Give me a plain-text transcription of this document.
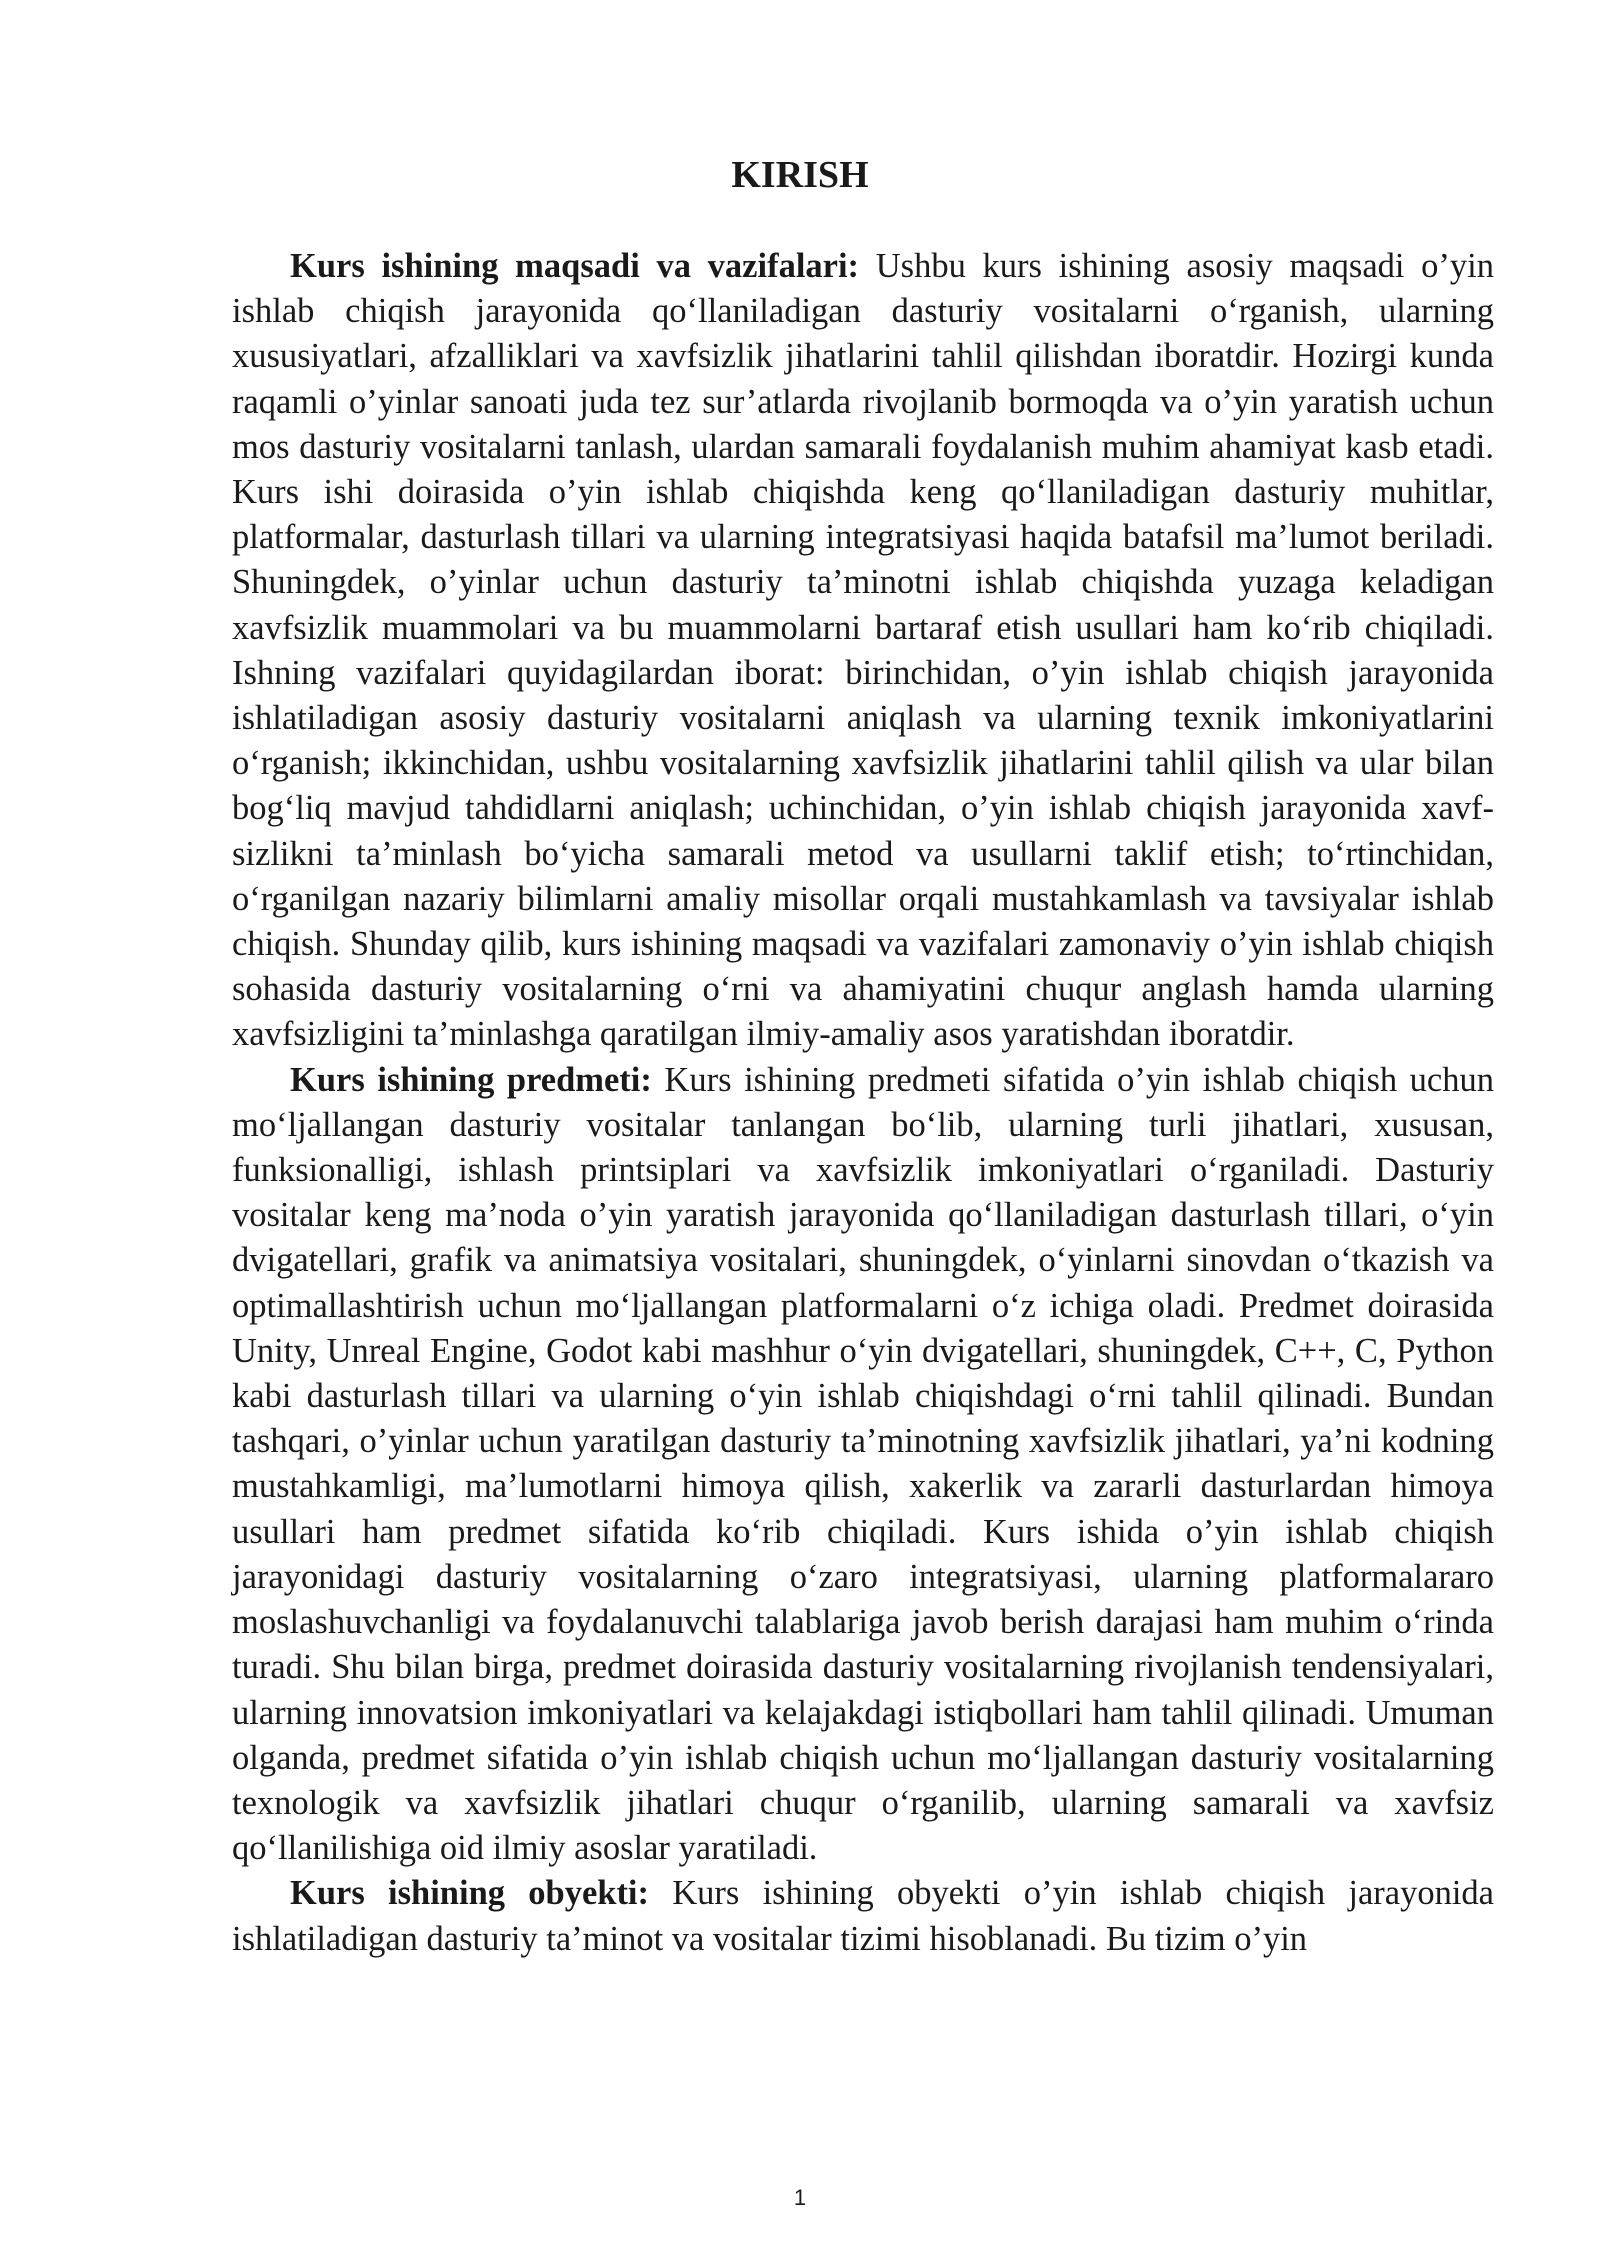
KIRISH

Kurs ishining maqsadi va vazifalari: Ushbu kurs ishining asosiy maqsadi o’yin ishlab chiqish jarayonida qo‘llaniladigan dasturiy vositalarni o‘rganish, ularning xususiyatlari, afzalliklari va xavfsizlik jihatlarini tahlil qilishdan iboratdir. Hozirgi kunda raqamli o’yinlar sanoati juda tez sur’atlarda rivojlanib bormoqda va o’yin yaratish uchun mos dasturiy vositalarni tanlash, ulardan samarali foydalanish muhim ahamiyat kasb etadi. Kurs ishi doirasida o’yin ishlab chiqishda keng qo‘llaniladigan dasturiy muhitlar, platformalar, dasturlash tillari va ularning integratsiyasi haqida batafsil ma’lumot beriladi. Shuningdek, o’yinlar uchun dasturiy ta’minotni ishlab chiqishda yuzaga keladigan xavfsizlik muammolari va bu muammolarni bartaraf etish usullari ham ko‘rib chiqiladi. Ishning vazifalari quyidagilardan iborat: birinchidan, o’yin ishlab chiqish jarayonida ishlatiladigan asosiy dasturiy vositalarni aniqlash va ularning texnik imkoniyatlarini o‘rganish; ikkinchidan, ushbu vositalarning xavfsizlik jihatlarini tahlil qilish va ular bilan bog‘liq mavjud tahdidlarni aniqlash; uchinchidan, o’yin ishlab chiqish jarayonida xavfsizlikni ta’minlash bo‘yicha samarali metod va usullarni taklif etish; to‘rtinchidan, o‘rganilgan nazariy bilimlarni amaliy misollar orqali mustahkamlash va tavsiyalar ishlab chiqish. Shunday qilib, kurs ishining maqsadi va vazifalari zamonaviy o’yin ishlab chiqish sohasida dasturiy vositalarning o‘rni va ahamiyatini chuqur anglash hamda ularning xavfsizligini ta’minlashga qaratilgan ilmiy-amaliy asos yaratishdan iboratdir.

Kurs ishining predmeti: Kurs ishining predmeti sifatida o’yin ishlab chiqish uchun mo‘ljallangan dasturiy vositalar tanlangan bo‘lib, ularning turli jihatlari, xususan, funksionalligi, ishlash printsiplari va xavfsizlik imkoniyatlari o‘rganiladi. Dasturiy vositalar keng ma’noda o’yin yaratish jarayonida qo‘llaniladigan dasturlash tillari, o‘yin dvigatellari, grafik va animatsiya vositalari, shuningdek, o‘yinlarni sinovdan o‘tkazish va optimallashtirish uchun mo‘ljallangan platformalarni o‘z ichiga oladi. Predmet doirasida Unity, Unreal Engine, Godot kabi mashhur o‘yin dvigatellari, shuningdek, C++, C, Python kabi dasturlash tillari va ularning o‘yin ishlab chiqishdagi o‘rni tahlil qilinadi. Bundan tashqari, o’yinlar uchun yaratilgan dasturiy ta’minotning xavfsizlik jihatlari, ya’ni kodning mustahkamligi, ma’lumotlarni himoya qilish, xakerlik va zararli dasturlardan himoya usullari ham predmet sifatida ko‘rib chiqiladi. Kurs ishida o’yin ishlab chiqish jarayonidagi dasturiy vositalarning o‘zaro integratsiyasi, ularning platformalararo moslashuvchanligi va foydalanuvchi talablariga javob berish darajasi ham muhim o‘rinda turadi. Shu bilan birga, predmet doirasida dasturiy vositalarning rivojlanish tendensiyalari, ularning innovatsion imkoniyatlari va kelajakdagi istiqbollari ham tahlil qilinadi. Umuman olganda, predmet sifatida o’yin ishlab chiqish uchun mo‘ljallangan dasturiy vositalarning texnologik va xavfsizlik jihatlari chuqur o‘rganilib, ularning samarali va xavfsiz qo‘llanilishiga oid ilmiy asoslar yaratiladi.

Kurs ishining obyekti: Kurs ishining obyekti o’yin ishlab chiqish jarayonida ishlatiladigan dasturiy ta’minot va vositalar tizimi hisoblanadi. Bu tizim o’yin

1
